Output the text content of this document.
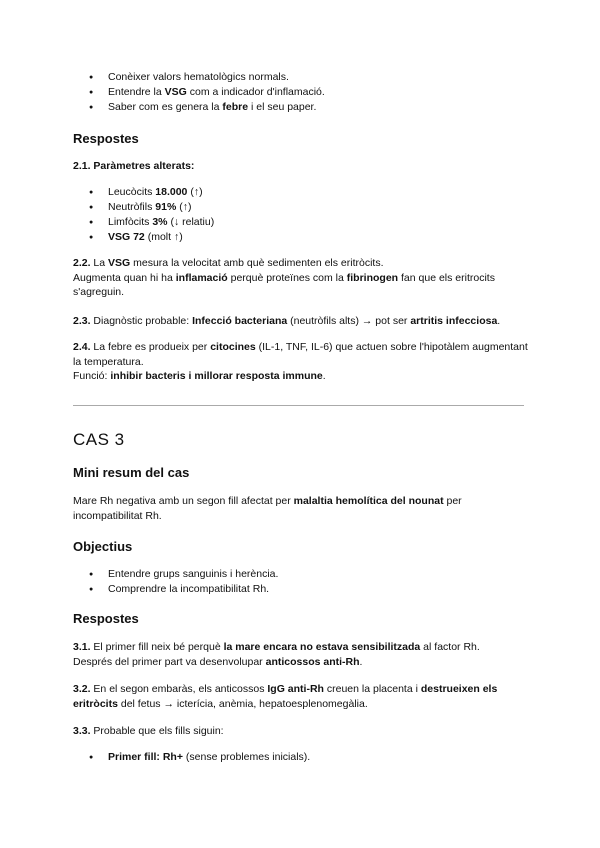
● Conèixer valors hematològics normals.
● Entendre la VSG com a indicador d'inflamació.
● Saber com es genera la febre i el seu paper.
Respostes
2.1. Paràmetres alterats:
● Leucòcits 18.000 (↑)
● Neutròfils 91% (↑)
● Limfòcits 3% (↓ relatiu)
● VSG 72 (molt ↑)
2.2. La VSG mesura la velocitat amb què sedimenten els eritròcits.
Augmenta quan hi ha inflamació perquè proteïnes com la fibrinogen fan que els eritrocits s'agreguin.
2.3. Diagnòstic probable: Infecció bacteriana (neutròfils alts) → pot ser artritis infecciosa.
2.4. La febre es produeix per citocines (IL-1, TNF, IL-6) que actuen sobre l'hipotàlem augmentant la temperatura.
Funció: inhibir bacteris i millorar resposta immune.
CAS 3
Mini resum del cas
Mare Rh negativa amb un segon fill afectat per malaltia hemolítica del nounat per incompatibilitat Rh.
Objectius
● Entendre grups sanguinis i herència.
● Comprendre la incompatibilitat Rh.
Respostes
3.1. El primer fill neix bé perquè la mare encara no estava sensibilitzada al factor Rh.
Després del primer part va desenvolupar anticossos anti-Rh.
3.2. En el segon embaràs, els anticossos IgG anti-Rh creuen la placenta i destrueixen els eritròcits del fetus → icterícia, anèmia, hepatoesplenomegàlia.
3.3. Probable que els fills siguin:
● Primer fill: Rh+ (sense problemes inicials).
